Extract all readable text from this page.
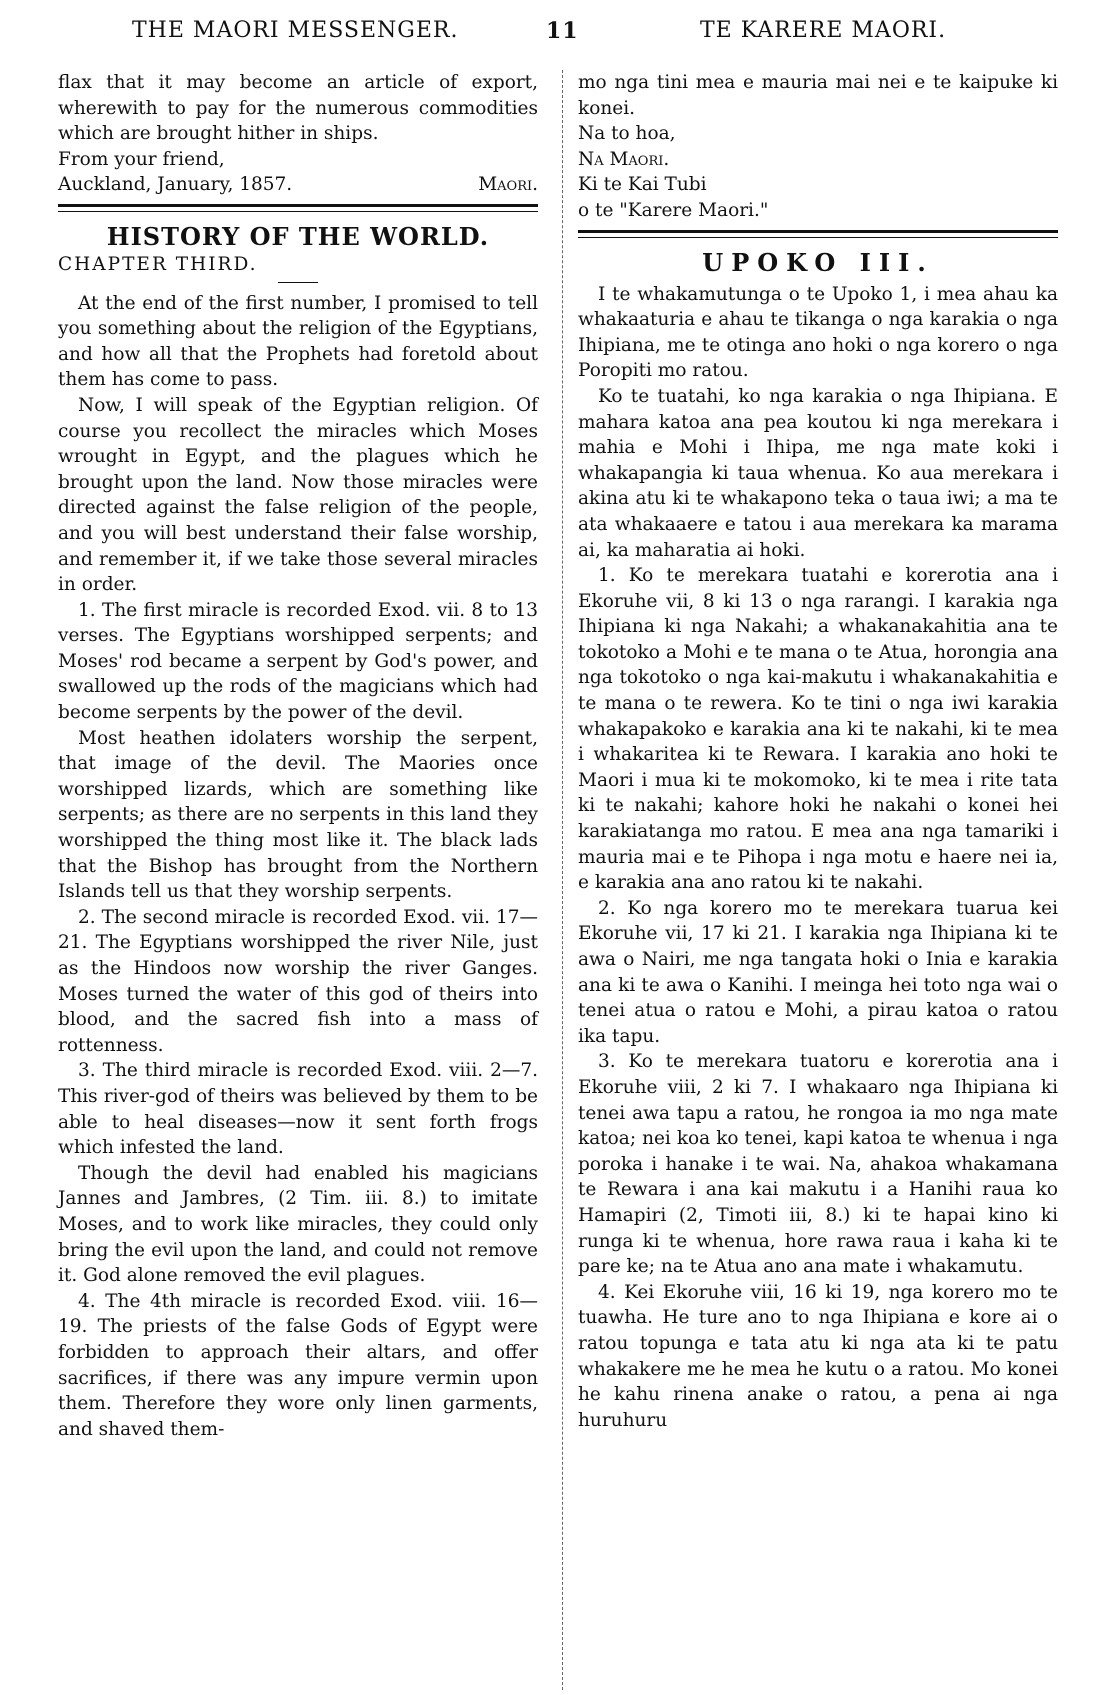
THE MAORI MESSENGER.	11	TE KARERE MAORI.

flax that it may become an article of export, wherewith to pay for the numerous commodities which are brought hither in ships.

From your friend,

Auckland, January, 1857.	Maori.
HISTORY OF THE WORLD.

CHAPTER THIRD.

At the end of the first number, I promised to tell you something about the religion of the Egyptians, and how all that the Prophets had foretold about them has come to pass.

Now, I will speak of the Egyptian religion. Of course you recollect the miracles which Moses wrought in Egypt, and the plagues which he brought upon the land. Now those miracles were directed against the false religion of the people, and you will best understand their false worship, and remember it, if we take those several miracles in order.

1. The first miracle is recorded Exod. vii. 8 to 13 verses. The Egyptians worshipped serpents; and Moses' rod became a serpent by God's power, and swallowed up the rods of the magicians which had become serpents by the power of the devil.

Most heathen idolaters worship the serpent, that image of the devil. The Maories once worshipped lizards, which are something like serpents; as there are no serpents in this land they worshipped the thing most like it. The black lads that the Bishop has brought from the Northern Islands tell us that they worship serpents.

2. The second miracle is recorded Exod. vii. 17—21. The Egyptians worshipped the river Nile, just as the Hindoos now worship the river Ganges. Moses turned the water of this god of theirs into blood, and the sacred fish into a mass of rottenness.

3. The third miracle is recorded Exod. viii. 2—7. This river-god of theirs was believed by them to be able to heal diseases—now it sent forth frogs which infested the land.

Though the devil had enabled his magicians Jannes and Jambres, (2 Tim. iii. 8.) to imitate Moses, and to work like miracles, they could only bring the evil upon the land, and could not remove it. God alone removed the evil plagues.

4. The 4th miracle is recorded Exod. viii. 16—19. The priests of the false Gods of Egypt were forbidden to approach their altars, and offer sacrifices, if there was any impure vermin upon them. Therefore they wore only linen garments, and shaved them-

mo nga tini mea e mauria mai nei e te kaipuke ki konei.

Na to hoa,

Na Maori.

Ki te Kai Tubi

o te "Karere Maori."

UPOKO III.

I te whakamutunga o te Upoko 1, i mea ahau ka whakaaturia e ahau te tikanga o nga karakia o nga Ihipiana, me te otinga ano hoki o nga korero o nga Poropiti mo ratou.

Ko te tuatahi, ko nga karakia o nga Ihipiana. E mahara katoa ana pea koutou ki nga merekara i mahia e Mohi i Ihipa, me nga mate koki i whakapangia ki taua whenua. Ko aua merekara i akina atu ki te whakapono teka o taua iwi; a ma te ata whakaaere e tatou i aua merekara ka marama ai, ka maharatia ai hoki.

1. Ko te merekara tuatahi e korerotia ana i Ekoruhe vii, 8 ki 13 o nga rarangi. I karakia nga Ihipiana ki nga Nakahi; a whakanakahitia ana te tokotoko a Mohi e te mana o te Atua, horongia ana nga tokotoko o nga kai-makutu i whakanakahitia e te mana o te rewera. Ko te tini o nga iwi karakia whakapakoko e karakia ana ki te nakahi, ki te mea i whakaritea ki te Rewara. I karakia ano hoki te Maori i mua ki te mokomoko, ki te mea i rite tata ki te nakahi; kahore hoki he nakahi o konei hei karakiatanga mo ratou. E mea ana nga tamariki i mauria mai e te Pihopa i nga motu e haere nei ia, e karakia ana ano ratou ki te nakahi.

2. Ko nga korero mo te merekara tuarua kei Ekoruhe vii, 17 ki 21. I karakia nga Ihipiana ki te awa o Nairi, me nga tangata hoki o Inia e karakia ana ki te awa o Kanihi. I meinga hei toto nga wai o tenei atua o ratou e Mohi, a pirau katoa o ratou ika tapu.

3. Ko te merekara tuatoru e korerotia ana i Ekoruhe viii, 2 ki 7. I whakaaro nga Ihipiana ki tenei awa tapu a ratou, he rongoa ia mo nga mate katoa; nei koa ko tenei, kapi katoa te whenua i nga poroka i hanake i te wai. Na, ahakoa whakamana te Rewara i ana kai makutu i a Hanihi raua ko Hamapiri (2, Timoti iii, 8.) ki te hapai kino ki runga ki te whenua, hore rawa raua i kaha ki te pare ke; na te Atua ano ana mate i whakamutu.

4. Kei Ekoruhe viii, 16 ki 19, nga korero mo te tuawha. He ture ano to nga Ihipiana e kore ai o ratou topunga e tata atu ki nga ata ki te patu whakakere me he mea he kutu o a ratou. Mo konei he kahu rinena anake o ratou, a pena ai nga huruhuru
